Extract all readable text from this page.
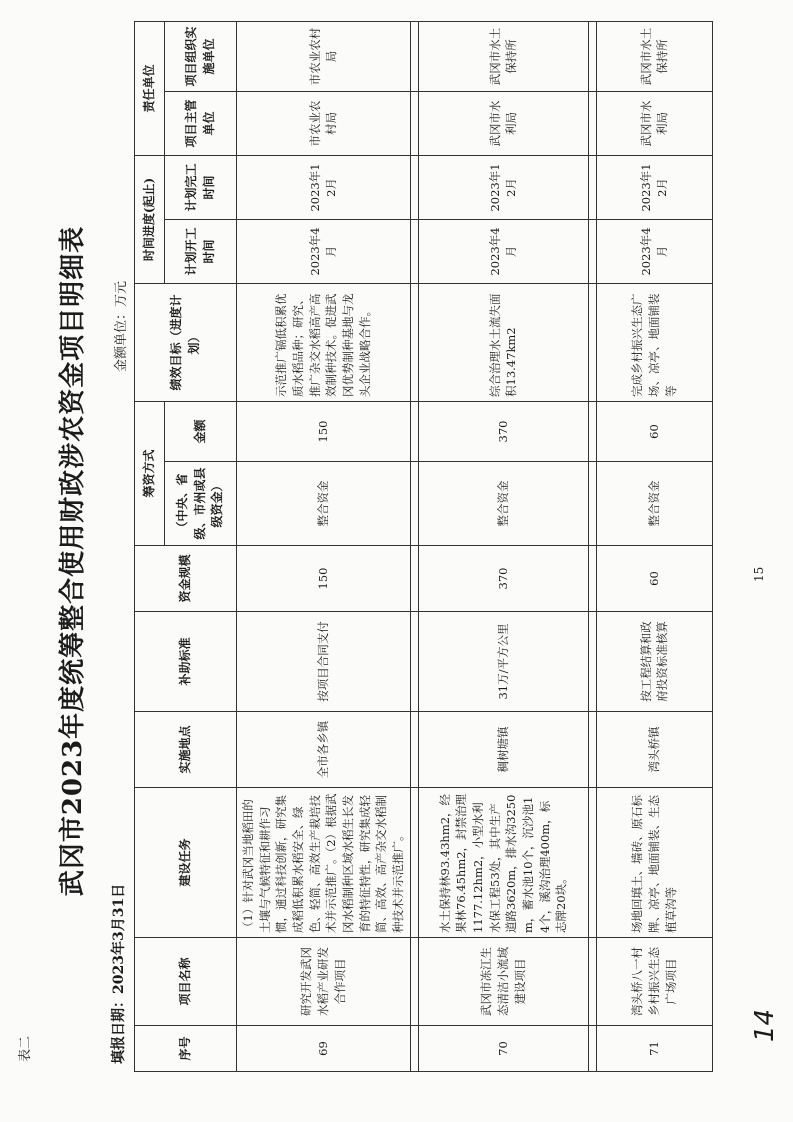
表二
武冈市2023年度统筹整合使用财政涉农资金项目明细表
填报日期：2023年3月31日
金额单位：万元
序号	项目名称	建设任务	实施地点	补助标准	资金规模	筹资方式		绩效目标（进度计划）	时间进度(起止)		责任单位	
						（中央、省级、市州或县级资金）	金额		计划开工时间	计划完工时间	项目主管单位	项目组织实施单位
69	研究开发武冈水稻产业研发合作项目	（1）针对武冈当地稻田的土壤与气候特征和耕作习惯，通过科技创新，研究集成稻低积累水稻安全、绿色、轻简、高效生产栽培技术并示范推广。（2）根据武冈水稻制种区域水稻生长发育的特征特性，研究集成轻简、高效、高产杂交水稻制种技术并示范推广。	全市各乡镇	按项目合同支付	150	整合资金	150	示范推广镉低积累优质水稻品种；研究、推广杂交水稻高产高效制种技术。促进武冈优势制种基地与龙头企业战略合作。	2023年4月	2023年12月	市农业农村局	市农业农村局

70	武冈市冻江生态清洁小流域建设项目	水土保持林93.43hm2，经果林76.45hm2，封禁治理1177.12hm2，小型水利水保工程53处，其中生产道路3620m，排水沟3250m，蓄水池10个，沉沙池14个，溪沟治理400m，标志牌20块。	稠树塘镇	31万/平方公里	370	整合资金	370	综合治理水土流失面积13.47km2	2023年4月	2023年12月	武冈市水利局	武冈市水土保持所

71	湾头桥八一村乡村振兴生态广场项目	场地回填土、墙砖、原石标牌、凉亭、地面铺装、生态植草沟等	湾头桥镇	按工程结算和政府投资标准核算	60	整合资金	60	完成乡村振兴生态广场、凉亭、地面铺装等	2023年4月	2023年12月	武冈市水利局	武冈市水土保持所
15
14
